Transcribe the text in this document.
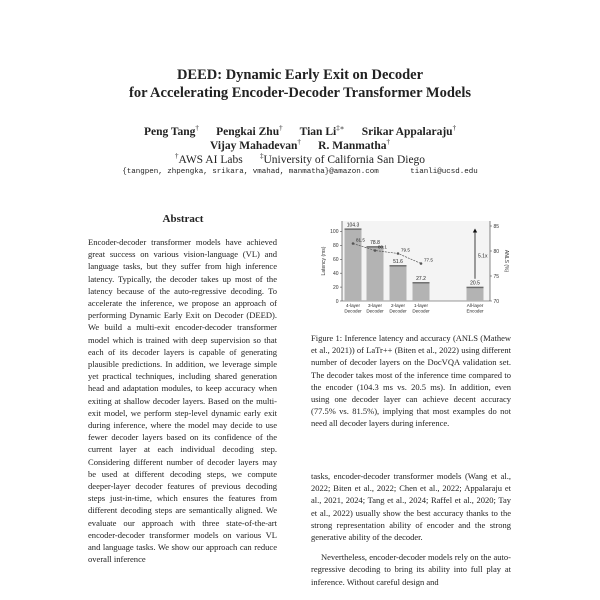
DEED: Dynamic Early Exit on Decoder
for Accelerating Encoder-Decoder Transformer Models
Peng Tang† Pengkai Zhu† Tian Li‡∗ Srikar Appalaraju†
Vijay Mahadevan† R. Manmatha†
†AWS AI Labs ‡University of California San Diego
{tangpen, zhpengka, srikara, vmahad, manmatha}@amazon.com	tianli@ucsd.edu
Abstract

Encoder-decoder transformer models have achieved great success on various vision-language (VL) and language tasks, but they suffer from high inference latency. Typically, the decoder takes up most of the latency because of the auto-regressive decoding. To accelerate the inference, we propose an approach of performing Dynamic Early Exit on Decoder (DEED). We build a multi-exit encoder-decoder transformer model which is trained with deep supervision so that each of its decoder layers is capable of generating plausible predictions. In addition, we leverage simple yet practical techniques, including shared generation head and adaptation modules, to keep accuracy when exiting at shallow decoder layers. Based on the multi-exit model, we perform step-level dynamic early exit during inference, where the model may decide to use fewer decoder layers based on its confidence of the current layer at each individual decoding step. Considering different number of decoder layers may be used at different decoding steps, we compute deeper-layer decoder features of previous decoding steps just-in-time, which ensures the features from different decoding steps are semantically aligned. We evaluate our approach with three state-of-the-art encoder-decoder transformer models on various VL and language tasks. We show our approach can reduce overall inference

0
20
40
60
80
100
70
75
80
85
Latency (ms)	ANLS (%)
104.3
4-layer
Decoder
78.8
3-layer
Decoder
51.6
2-layer
Decoder
27.2
1-layer
Decoder
20.5
All-layer
Encoder
81.5
80.1
79.5
77.5
5.1x

Figure 1: Inference latency and accuracy (ANLS (Mathew et al., 2021)) of LaTr++ (Biten et al., 2022) using different number of decoder layers on the DocVQA validation set. The decoder takes most of the inference time compared to the encoder (104.3 ms vs. 20.5 ms). In addition, even using one decoder layer can achieve decent accuracy (77.5% vs. 81.5%), implying that most examples do not need all decoder layers during inference.

tasks, encoder-decoder transformer models (Wang et al., 2022; Biten et al., 2022; Chen et al., 2022; Appalaraju et al., 2021, 2024; Tang et al., 2024; Raffel et al., 2020; Tay et al., 2022) usually show the best accuracy thanks to the strong representation ability of encoder and the strong generative ability of the decoder.

Nevertheless, encoder-decoder models rely on the auto-regressive decoding to bring its ability into full play at inference. Without careful design and
